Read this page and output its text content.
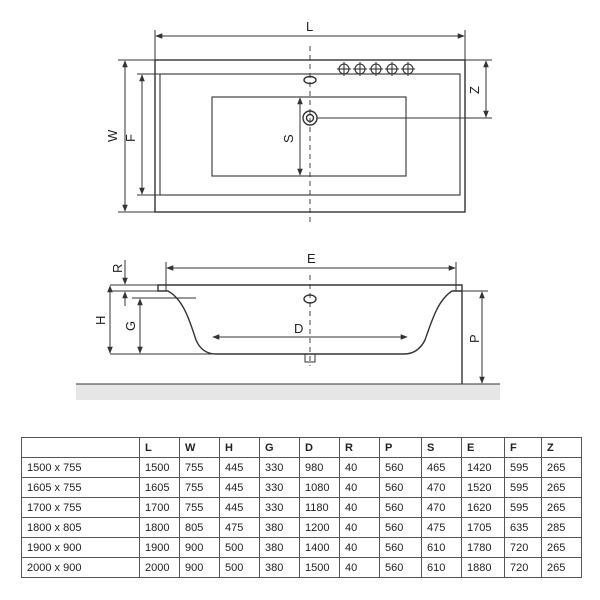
L
W F	S
Z
E
D
R
H
G
P
	L	W	H	G	D	R	P	S	E	F	Z
1500 x 755	1500	755	445	330	980	40	560	465	1420	595	265
1605 x 755	1605	755	445	330	1080	40	560	470	1520	595	265
1700 x 755	1700	755	445	330	1180	40	560	470	1620	595	265
1800 x 805	1800	805	475	380	1200	40	560	475	1705	635	285
1900 x 900	1900	900	500	380	1400	40	560	610	1780	720	265
2000 x 900	2000	900	500	380	1500	40	560	610	1880	720	265
